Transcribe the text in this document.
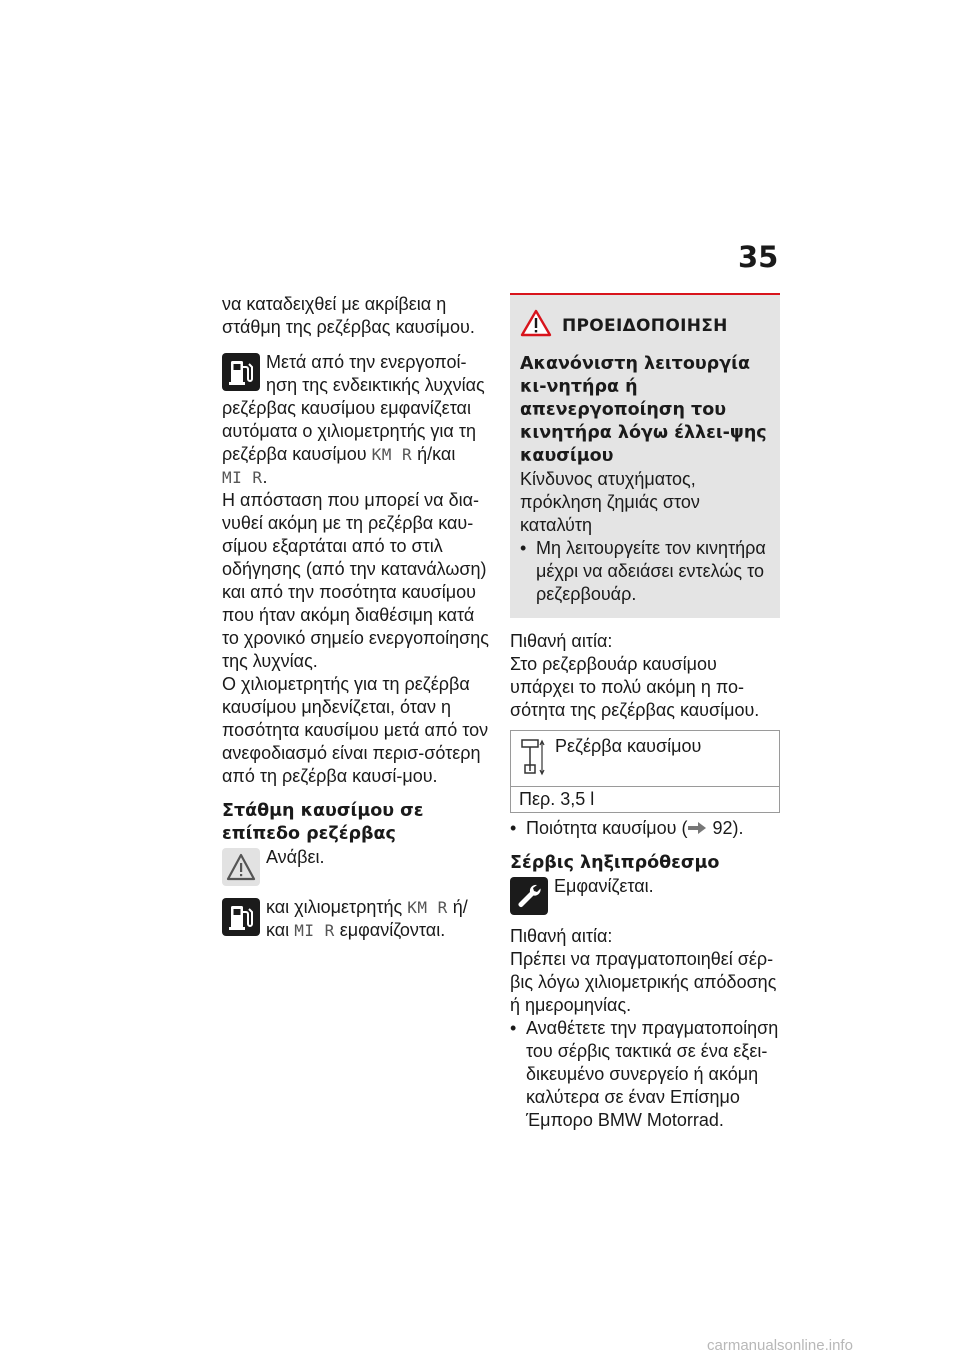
35

να καταδειχθεί με ακρίβεια η στάθμη της ρεζέρβας καυσίμου.

Μετά από την ενεργοποί-ηση της ενδεικτικής λυχνίας ρεζέρβας καυσίμου εμφανίζεται αυτόματα ο χιλιομετρητής για τη ρεζέρβα καυσίμου KM R ή/και
MI R.

Η απόσταση που μπορεί να δια-νυθεί ακόμη με τη ρεζέρβα καυ-σίμου εξαρτάται από το στιλ οδήγησης (από την κατανάλωση) και από την ποσότητα καυσίμου που ήταν ακόμη διαθέσιμη κατά το χρονικό σημείο ενεργοποίησης της λυχνίας.

Ο χιλιομετρητής για τη ρεζέρβα καυσίμου μηδενίζεται, όταν η ποσότητα καυσίμου μετά από τον ανεφοδιασμό είναι περισ-σότερη από τη ρεζέρβα καυσί-μου.

Στάθμη καυσίμου σε επίπεδο ρεζέρβας

Ανάβει.

και χιλιομετρητής KM R ή/ και MI R εμφανίζονται.

ΠΡΟΕΙΔΟΠΟΙΗΣΗ
Ακανόνιστη λειτουργία κι-νητήρα ή απενεργοποίηση του κινητήρα λόγω έλλει-ψης καυσίμου

Κίνδυνος ατυχήματος, πρόκληση ζημιάς στον καταλύτη

• Μη λειτουργείτε τον κινητήρα μέχρι να αδειάσει εντελώς το ρεζερβουάρ.

Πιθανή αιτία:

Στο ρεζερβουάρ καυσίμου υπάρχει το πολύ ακόμη η πο-σότητα της ρεζέρβας καυσίμου.

Ρεζέρβα καυσίμου
Περ. 3,5 l
• Ποιότητα καυσίμου ( 92).
Σέρβις ληξιπρόθεσμο

Εμφανίζεται.

Πιθανή αιτία:

Πρέπει να πραγματοποιηθεί σέρ-βις λόγω χιλιομετρικής απόδοσης ή ημερομηνίας.

• Αναθέτετε την πραγματοποίηση του σέρβις τακτικά σε ένα εξει-δικευμένο συνεργείο ή ακόμη καλύτερα σε έναν Επίσημο Έμπορο BMW Motorrad.
carmanualsonline.info
